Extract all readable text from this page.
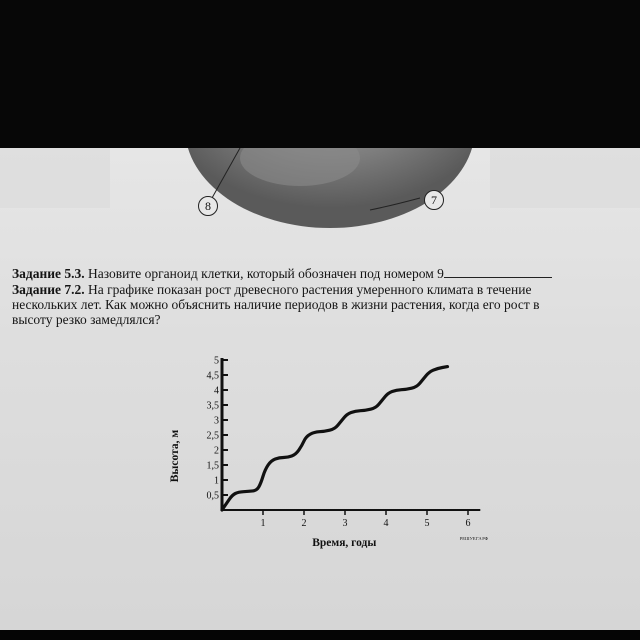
8	7
Задание 5.3. Назовите органоид клетки, который обозначен под номером 9
Задание 7.2. На графике показан рост древесного растения умеренного климата в течение
нескольких лет. Как можно объяснить наличие периодов в жизни растения, когда его рост в
высоту резко замедлялся?
0,5
1
1,5
2
2,5
3
3,5
4
4,5
5
1	2	3	4	5	6
Время, годы
Высота, м
РЕШУЕГЭ.РФ
